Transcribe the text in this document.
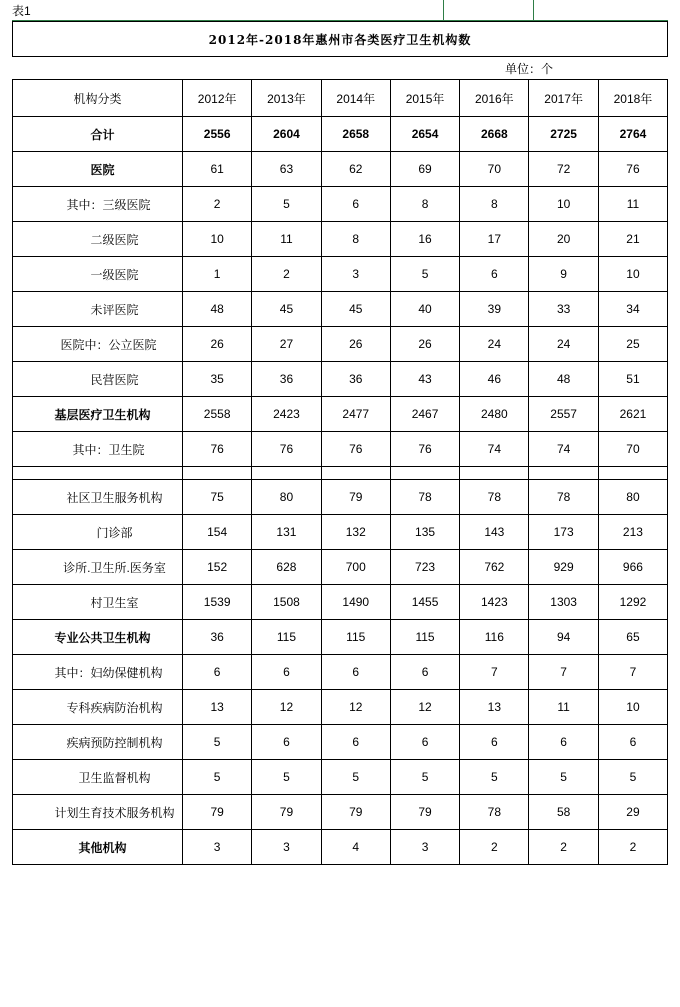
表1
2012年-2018年惠州市各类医疗卫生机构数							
					单位：个		
机构分类	2012年	2013年	2014年	2015年	2016年	2017年	2018年
合计	2556	2604	2658	2654	2668	2725	2764
医院	61	63	62	69	70	72	76
其中：三级医院	2	5	6	8	8	10	11
二级医院	10	11	8	16	17	20	21
一级医院	1	2	3	5	6	9	10
未评医院	48	45	45	40	39	33	34
医院中：公立医院	26	27	26	26	24	24	25
民营医院	35	36	36	43	46	48	51
基层医疗卫生机构	2558	2423	2477	2467	2480	2557	2621
其中：卫生院	76	76	76	76	74	74	70

社区卫生服务机构	75	80	79	78	78	78	80
门诊部	154	131	132	135	143	173	213
诊所.卫生所.医务室	152	628	700	723	762	929	966
村卫生室	1539	1508	1490	1455	1423	1303	1292
专业公共卫生机构	36	115	115	115	116	94	65
其中：妇幼保健机构	6	6	6	6	7	7	7
专科疾病防治机构	13	12	12	12	13	11	10
疾病预防控制机构	5	6	6	6	6	6	6
卫生监督机构	5	5	5	5	5	5	5
计划生育技术服务机构	79	79	79	79	78	58	29
其他机构	3	3	4	3	2	2	2
